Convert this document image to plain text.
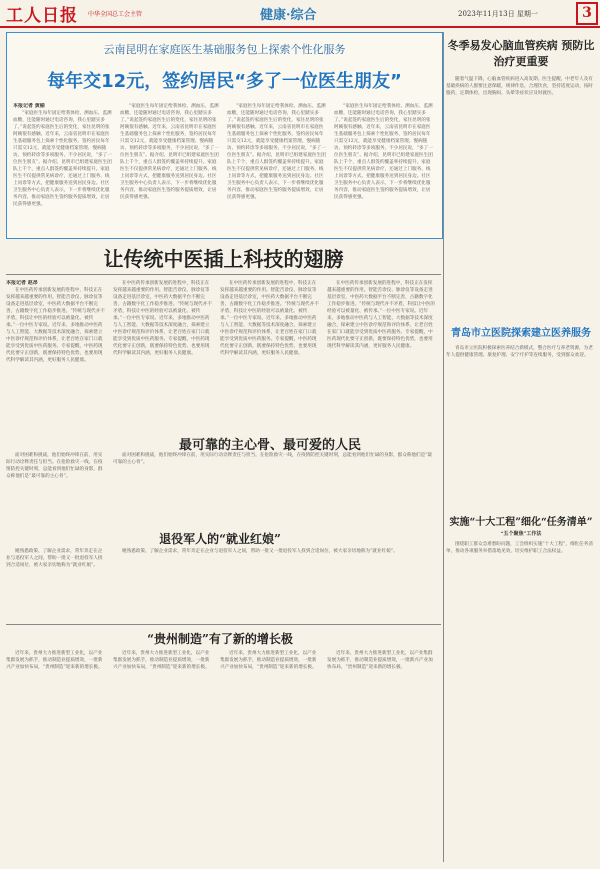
工人日报 中华全国总工会主管	健康·综合	2023年11月13日 星期一	3
云南昆明在家庭医生基础服务包上探索个性化服务
每年交12元，签约居民“多了一位医生朋友”
本报记者 黄榆

“家庭医生每年固定给我体检、测血压、监测血糖，还能随时通过电话咨询，我心里踏实多了。”说起签约家庭医生后的变化，家住昆明的张阿姨很有感触。近年来，云南省昆明市在家庭医生基础服务包上探索个性化服务，签约居民每年只需交12元，就能享受健康档案管理、慢病随访、预约转诊等多项服务，不少居民说，“多了一位医生朋友”。据介绍，昆明市已组建家庭医生团队上千个，重点人群签约覆盖率持续提升。家庭医生不仅提供常见病诊疗，还通过上门服务、线上问诊等方式，把健康服务送到居民身边。社区卫生服务中心负责人表示，下一步将继续优化服务内容，推动家庭医生签约服务提质增效，让居民获得感更强。

“家庭医生每年固定给我体检、测血压、监测血糖，还能随时通过电话咨询，我心里踏实多了。”说起签约家庭医生后的变化，家住昆明的张阿姨很有感触。近年来，云南省昆明市在家庭医生基础服务包上探索个性化服务，签约居民每年只需交12元，就能享受健康档案管理、慢病随访、预约转诊等多项服务，不少居民说，“多了一位医生朋友”。据介绍，昆明市已组建家庭医生团队上千个，重点人群签约覆盖率持续提升。家庭医生不仅提供常见病诊疗，还通过上门服务、线上问诊等方式，把健康服务送到居民身边。社区卫生服务中心负责人表示，下一步将继续优化服务内容，推动家庭医生签约服务提质增效，让居民获得感更强。

“家庭医生每年固定给我体检、测血压、监测血糖，还能随时通过电话咨询，我心里踏实多了。”说起签约家庭医生后的变化，家住昆明的张阿姨很有感触。近年来，云南省昆明市在家庭医生基础服务包上探索个性化服务，签约居民每年只需交12元，就能享受健康档案管理、慢病随访、预约转诊等多项服务，不少居民说，“多了一位医生朋友”。据介绍，昆明市已组建家庭医生团队上千个，重点人群签约覆盖率持续提升。家庭医生不仅提供常见病诊疗，还通过上门服务、线上问诊等方式，把健康服务送到居民身边。社区卫生服务中心负责人表示，下一步将继续优化服务内容，推动家庭医生签约服务提质增效，让居民获得感更强。

“家庭医生每年固定给我体检、测血压、监测血糖，还能随时通过电话咨询，我心里踏实多了。”说起签约家庭医生后的变化，家住昆明的张阿姨很有感触。近年来，云南省昆明市在家庭医生基础服务包上探索个性化服务，签约居民每年只需交12元，就能享受健康档案管理、慢病随访、预约转诊等多项服务，不少居民说，“多了一位医生朋友”。据介绍，昆明市已组建家庭医生团队上千个，重点人群签约覆盖率持续提升。家庭医生不仅提供常见病诊疗，还通过上门服务、线上问诊等方式，把健康服务送到居民身边。社区卫生服务中心负责人表示，下一步将继续优化服务内容，推动家庭医生签约服务提质增效，让居民获得感更强。

让传统中医插上科技的翅膀
本报记者 赵昂

在中医药传承创新发展的进程中，科技正在发挥越来越重要的作用。智能舌诊仪、脉诊仪等设备走进基层诊室，中医药大数据平台不断完善，古籍数字化工作稳步推进。“传统与现代并不矛盾，科技让中医的经验可以被量化、被传承。”一位中医专家说。近年来，多地推动中医药与人工智能、大数据等技术深度融合，探索建立中医诊疗规范和评价体系，让老百姓在家门口就能享受到优质中医药服务。专家提醒，中医药现代化要守正创新，既要保持特色优势，也要用现代科学解读其内涵，更好服务人民健康。

在中医药传承创新发展的进程中，科技正在发挥越来越重要的作用。智能舌诊仪、脉诊仪等设备走进基层诊室，中医药大数据平台不断完善，古籍数字化工作稳步推进。“传统与现代并不矛盾，科技让中医的经验可以被量化、被传承。”一位中医专家说。近年来，多地推动中医药与人工智能、大数据等技术深度融合，探索建立中医诊疗规范和评价体系，让老百姓在家门口就能享受到优质中医药服务。专家提醒，中医药现代化要守正创新，既要保持特色优势，也要用现代科学解读其内涵，更好服务人民健康。

在中医药传承创新发展的进程中，科技正在发挥越来越重要的作用。智能舌诊仪、脉诊仪等设备走进基层诊室，中医药大数据平台不断完善，古籍数字化工作稳步推进。“传统与现代并不矛盾，科技让中医的经验可以被量化、被传承。”一位中医专家说。近年来，多地推动中医药与人工智能、大数据等技术深度融合，探索建立中医诊疗规范和评价体系，让老百姓在家门口就能享受到优质中医药服务。专家提醒，中医药现代化要守正创新，既要保持特色优势，也要用现代科学解读其内涵，更好服务人民健康。

在中医药传承创新发展的进程中，科技正在发挥越来越重要的作用。智能舌诊仪、脉诊仪等设备走进基层诊室，中医药大数据平台不断完善，古籍数字化工作稳步推进。“传统与现代并不矛盾，科技让中医的经验可以被量化、被传承。”一位中医专家说。近年来，多地推动中医药与人工智能、大数据等技术深度融合，探索建立中医诊疗规范和评价体系，让老百姓在家门口就能享受到优质中医药服务。专家提醒，中医药现代化要守正创新，既要保持特色优势，也要用现代科学解读其内涵，更好服务人民健康。

最可靠的主心骨、最可爱的人民

面对困难和挑战，他们始终冲锋在前，用实际行动诠释责任与担当。在抢险救灾一线，在疫情防控关键时刻，总能看到他们忙碌的身影，群众称他们是“最可靠的主心骨”。

面对困难和挑战，他们始终冲锋在前，用实际行动诠释责任与担当。在抢险救灾一线，在疫情防控关键时刻，总能看到他们忙碌的身影，群众称他们是“最可靠的主心骨”。

退役军人的“就业红娘”

她熟悉政策、了解企业需求，常年奔走在企业与退役军人之间，帮助一批又一批退役军人找到合适岗位，被大家亲切地称为“就业红娘”。

她熟悉政策、了解企业需求，常年奔走在企业与退役军人之间，帮助一批又一批退役军人找到合适岗位，被大家亲切地称为“就业红娘”。

“贵州制造”有了新的增长极

近年来，贵州大力推进新型工业化，以产业集群发展为抓手，推动制造业提质增效，一批新兴产业加快布局，“贵州制造”迎来新的增长极。

近年来，贵州大力推进新型工业化，以产业集群发展为抓手，推动制造业提质增效，一批新兴产业加快布局，“贵州制造”迎来新的增长极。

近年来，贵州大力推进新型工业化，以产业集群发展为抓手，推动制造业提质增效，一批新兴产业加快布局，“贵州制造”迎来新的增长极。

近年来，贵州大力推进新型工业化，以产业集群发展为抓手，推动制造业提质增效，一批新兴产业加快布局，“贵州制造”迎来新的增长极。

冬季易发心脑血管疾病 预防比治疗更重要

随着气温下降，心脑血管疾病进入高发期。医生提醒，中老年人及有基础疾病的人群要注意保暖，规律作息，合理饮食，坚持适度运动，按时服药，定期体检，出现胸闷、头晕等症状应及时就医。

青岛市立医院探索建立医养服务

青岛市立医院积极探索医养结合新模式，整合医疗与养老资源，为老年人提供健康管理、康复护理、安宁疗护等连续服务，受到群众欢迎。

实施“十大工程”细化“任务清单”
“五个聚焦”工作法

围绕职工群众急难愁盼问题，工会组织实施“十大工程”，细化任务清单，推动各项服务举措落地见效，切实维护职工合法权益。
